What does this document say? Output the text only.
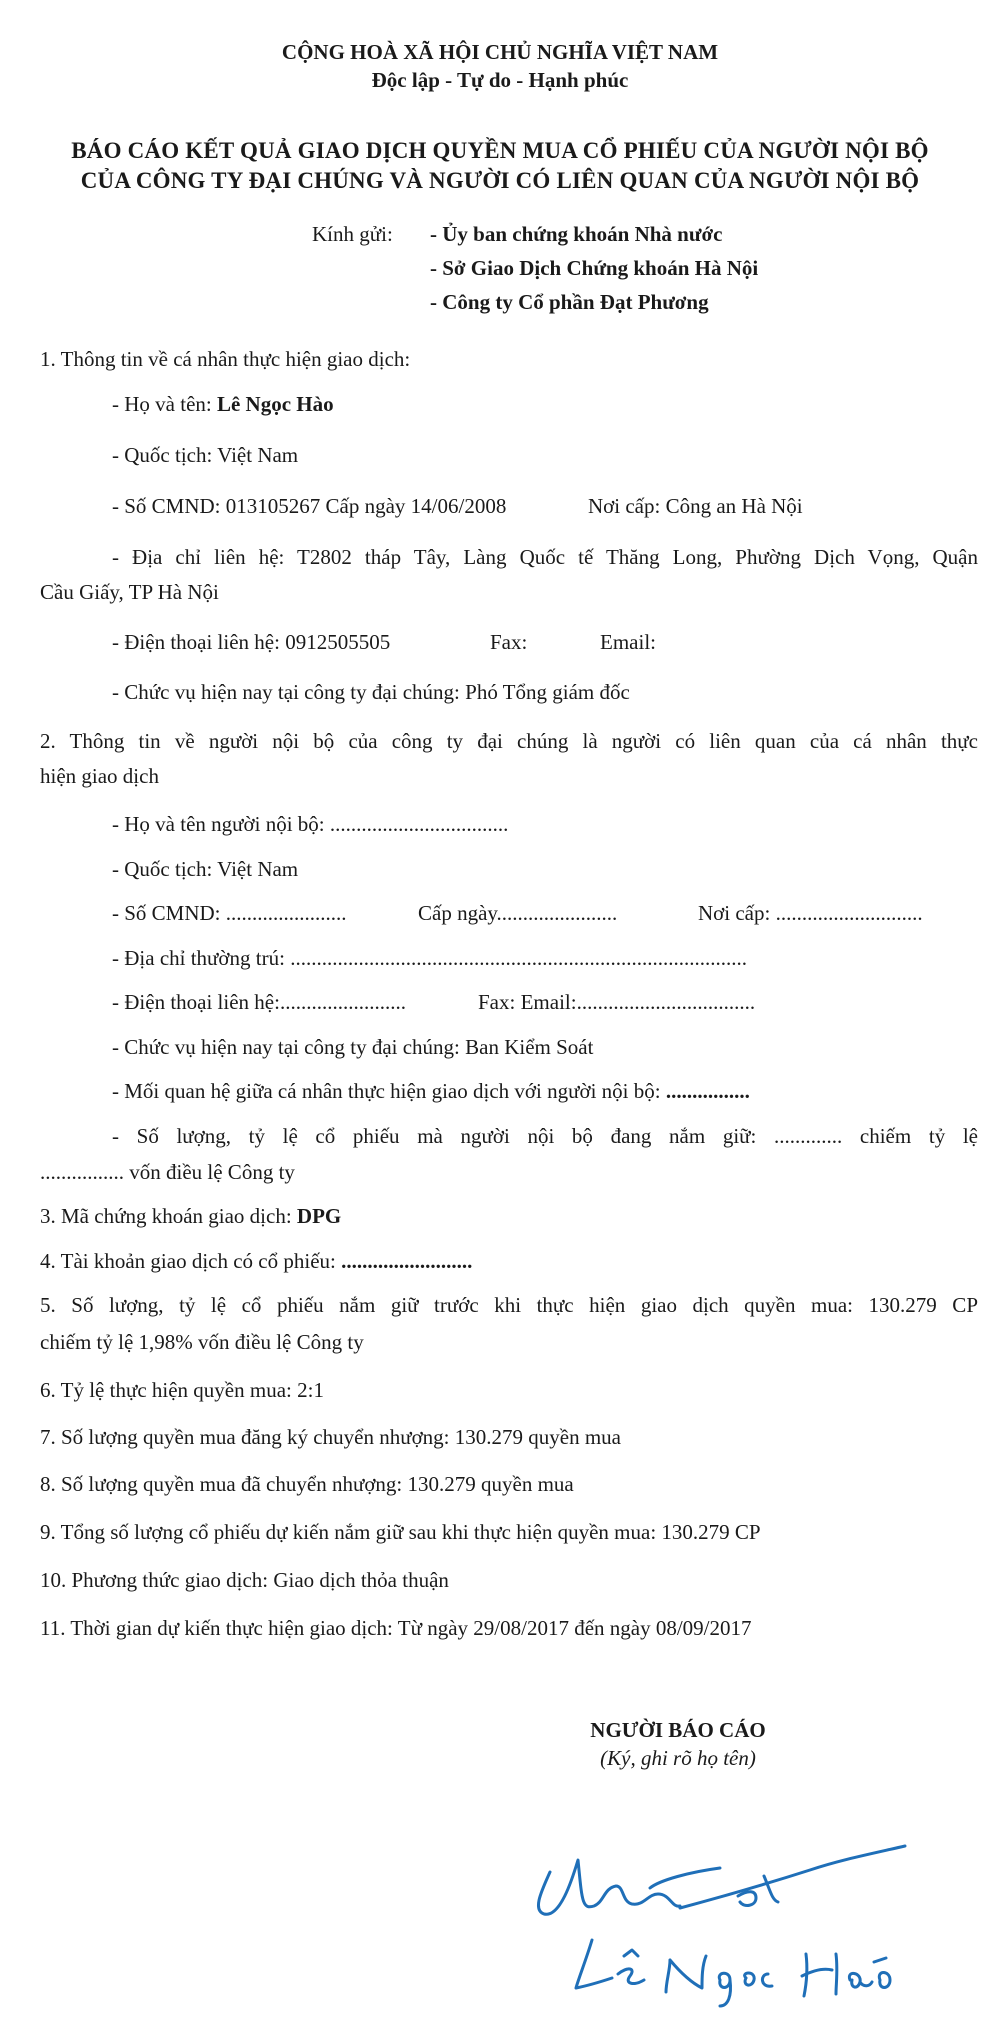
CỘNG HOÀ XÃ HỘI CHỦ NGHĨA VIỆT NAM
Độc lập - Tự do - Hạnh phúc
BÁO CÁO KẾT QUẢ GIAO DỊCH QUYỀN MUA CỔ PHIẾU CỦA NGƯỜI NỘI BỘ
CỦA CÔNG TY ĐẠI CHÚNG VÀ NGƯỜI CÓ LIÊN QUAN CỦA NGƯỜI NỘI BỘ
Kính gửi: - Ủy ban chứng khoán Nhà nước
- Sở Giao Dịch Chứng khoán Hà Nội
- Công ty Cổ phần Đạt Phương
1. Thông tin về cá nhân thực hiện giao dịch:
- Họ và tên: Lê Ngọc Hào
- Quốc tịch: Việt Nam
- Số CMND: 013105267 Cấp ngày 14/06/2008	Nơi cấp: Công an Hà Nội
- Địa chỉ liên hệ: T2802 tháp Tây, Làng Quốc tế Thăng Long, Phường Dịch Vọng, Quận
Cầu Giấy, TP Hà Nội
- Điện thoại liên hệ: 0912505505	Fax:	Email:
- Chức vụ hiện nay tại công ty đại chúng: Phó Tổng giám đốc
2. Thông tin về người nội bộ của công ty đại chúng là người có liên quan của cá nhân thực
hiện giao dịch
- Họ và tên người nội bộ: ..................................
- Quốc tịch: Việt Nam
- Số CMND: .......................	Cấp ngày.......................	Nơi cấp: ............................
- Địa chỉ thường trú: .......................................................................................
- Điện thoại liên hệ:........................	Fax: Email:..................................
- Chức vụ hiện nay tại công ty đại chúng: Ban Kiểm Soát
- Mối quan hệ giữa cá nhân thực hiện giao dịch với người nội bộ: ................
- Số lượng, tỷ lệ cổ phiếu mà người nội bộ đang nắm giữ: ............. chiếm tỷ lệ
................ vốn điều lệ Công ty
3. Mã chứng khoán giao dịch: DPG
4. Tài khoản giao dịch có cổ phiếu: .........................
5. Số lượng, tỷ lệ cổ phiếu nắm giữ trước khi thực hiện giao dịch quyền mua: 130.279 CP
chiếm tỷ lệ 1,98% vốn điều lệ Công ty
6. Tỷ lệ thực hiện quyền mua: 2:1
7. Số lượng quyền mua đăng ký chuyển nhượng: 130.279 quyền mua
8. Số lượng quyền mua đã chuyển nhượng: 130.279 quyền mua
9. Tổng số lượng cổ phiếu dự kiến nắm giữ sau khi thực hiện quyền mua: 130.279 CP
10. Phương thức giao dịch: Giao dịch thỏa thuận
11. Thời gian dự kiến thực hiện giao dịch: Từ ngày 29/08/2017 đến ngày 08/09/2017
NGƯỜI BÁO CÁO
(Ký, ghi rõ họ tên)
